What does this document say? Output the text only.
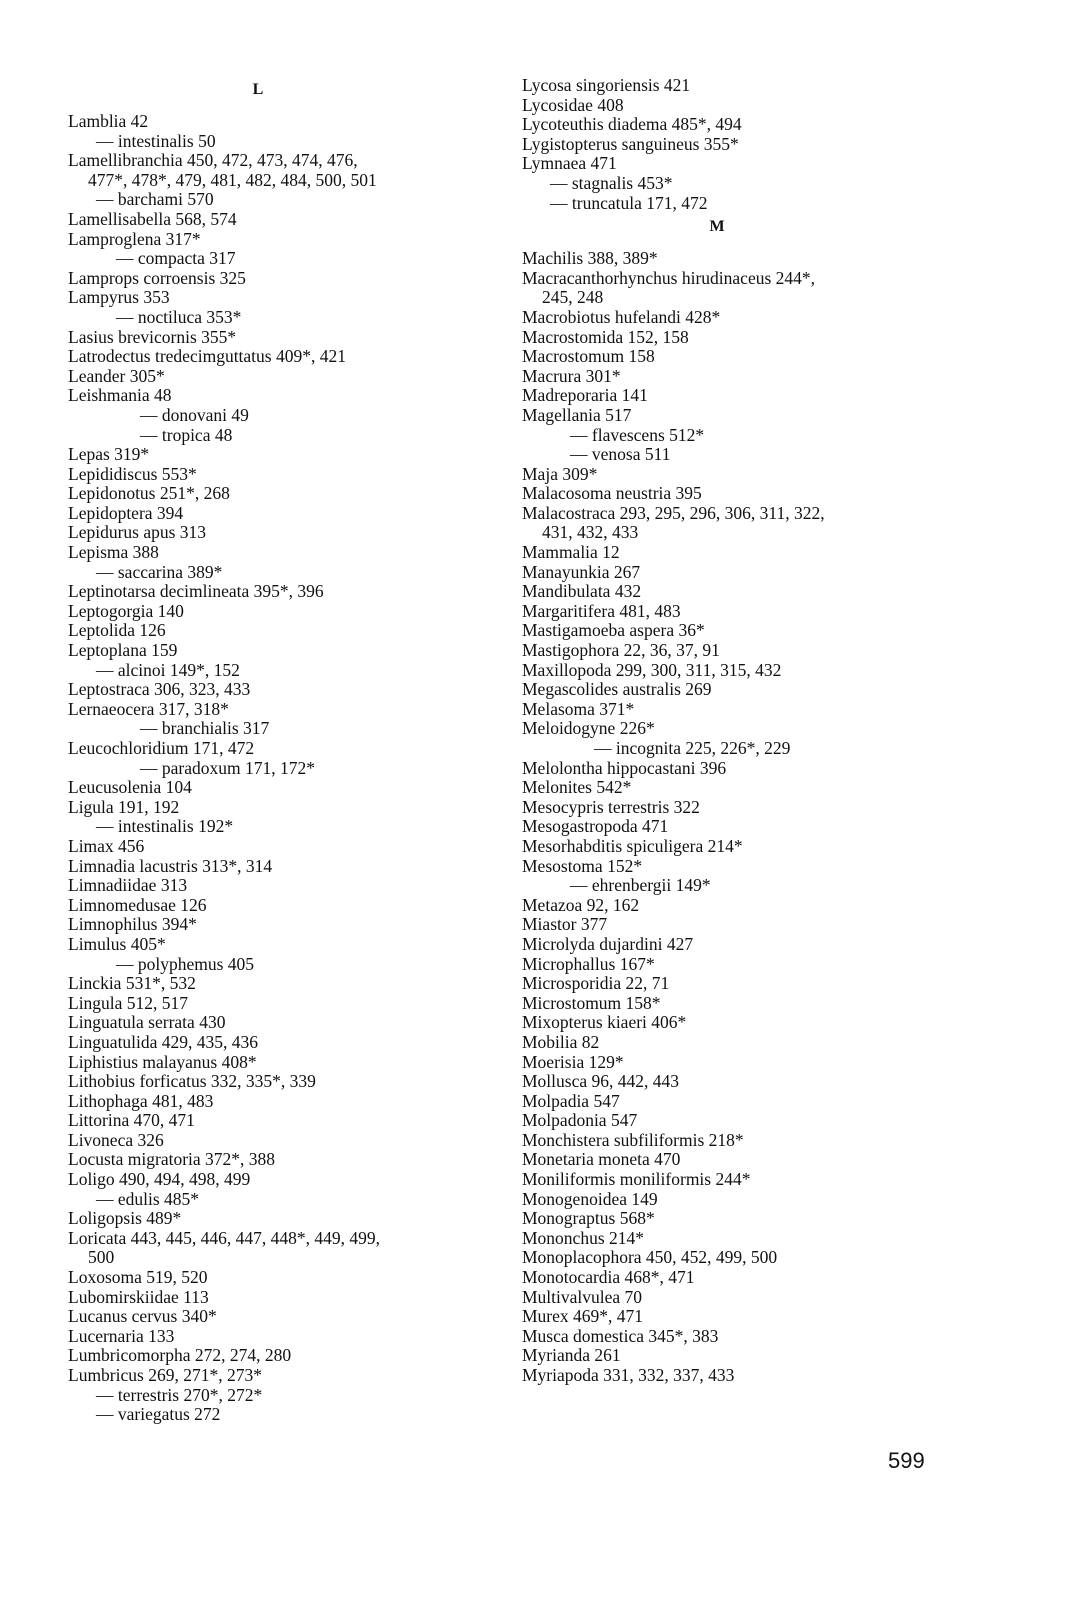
L
Lamblia 42
— intestinalis 50
Lamellibranchia 450, 472, 473, 474, 476,
477*, 478*, 479, 481, 482, 484, 500, 501
— barchami 570
Lamellisabella 568, 574
Lamproglena 317*
— compacta 317
Lamprops corroensis 325
Lampyrus 353
— noctiluca 353*
Lasius brevicornis 355*
Latrodectus tredecimguttatus 409*, 421
Leander 305*
Leishmania 48
— donovani 49
— tropica 48
Lepas 319*
Lepididiscus 553*
Lepidonotus 251*, 268
Lepidoptera 394
Lepidurus apus 313
Lepisma 388
— saccarina 389*
Leptinotarsa decimlineata 395*, 396
Leptogorgia 140
Leptolida 126
Leptoplana 159
— alcinoi 149*, 152
Leptostraca 306, 323, 433
Lernaeocera 317, 318*
— branchialis 317
Leucochloridium 171, 472
— paradoxum 171, 172*
Leucusolenia 104
Ligula 191, 192
— intestinalis 192*
Limax 456
Limnadia lacustris 313*, 314
Limnadiidae 313
Limnomedusae 126
Limnophilus 394*
Limulus 405*
— polyphemus 405
Linckia 531*, 532
Lingula 512, 517
Linguatula serrata 430
Linguatulida 429, 435, 436
Liphistius malayanus 408*
Lithobius forficatus 332, 335*, 339
Lithophaga 481, 483
Littorina 470, 471
Livoneca 326
Locusta migratoria 372*, 388
Loligo 490, 494, 498, 499
— edulis 485*
Loligopsis 489*
Loricata 443, 445, 446, 447, 448*, 449, 499,
500
Loxosoma 519, 520
Lubomirskiidae 113
Lucanus cervus 340*
Lucernaria 133
Lumbricomorpha 272, 274, 280
Lumbricus 269, 271*, 273*
— terrestris 270*, 272*
— variegatus 272
Lycosa singoriensis 421
Lycosidae 408
Lycoteuthis diadema 485*, 494
Lygistopterus sanguineus 355*
Lymnaea 471
— stagnalis 453*
— truncatula 171, 472
M
Machilis 388, 389*
Macracanthorhynchus hirudinaceus 244*,
245, 248
Macrobiotus hufelandi 428*
Macrostomida 152, 158
Macrostomum 158
Macrura 301*
Madreporaria 141
Magellania 517
— flavescens 512*
— venosa 511
Maja 309*
Malacosoma neustria 395
Malacostraca 293, 295, 296, 306, 311, 322,
431, 432, 433
Mammalia 12
Manayunkia 267
Mandibulata 432
Margaritifera 481, 483
Mastigamoeba aspera 36*
Mastigophora 22, 36, 37, 91
Maxillopoda 299, 300, 311, 315, 432
Megascolides australis 269
Melasoma 371*
Meloidogyne 226*
— incognita 225, 226*, 229
Melolontha hippocastani 396
Melonites 542*
Mesocypris terrestris 322
Mesogastropoda 471
Mesorhabditis spiculigera 214*
Mesostoma 152*
— ehrenbergii 149*
Metazoa 92, 162
Miastor 377
Microlyda dujardini 427
Microphallus 167*
Microsporidia 22, 71
Microstomum 158*
Mixopterus kiaeri 406*
Mobilia 82
Moerisia 129*
Mollusca 96, 442, 443
Molpadia 547
Molpadonia 547
Monchistera subfiliformis 218*
Monetaria moneta 470
Moniliformis moniliformis 244*
Monogenoidea 149
Monograptus 568*
Mononchus 214*
Monoplacophora 450, 452, 499, 500
Monotocardia 468*, 471
Multivalvulea 70
Murex 469*, 471
Musca domestica 345*, 383
Myrianda 261
Myriapoda 331, 332, 337, 433
599
